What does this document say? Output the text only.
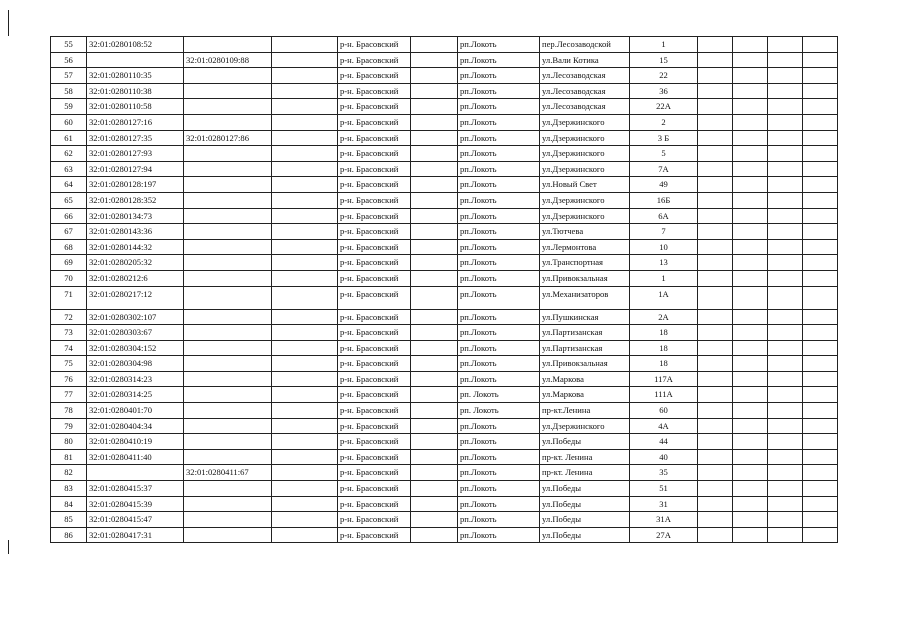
55	32:01:0280108:52			р-н. Брасовский		рп.Локоть	пер.Лесозаводской	1				
56		32:01:0280109:88		р-н. Брасовский		рп.Локоть	ул.Вали Котика	15				
57	32:01:0280110:35			р-н. Брасовский		рп.Локоть	ул.Лесозаводская	22				
58	32:01:0280110:38			р-н. Брасовский		рп.Локоть	ул.Лесозаводская	36				
59	32:01:0280110:58			р-н. Брасовский		рп.Локоть	ул.Лесозаводская	22А				
60	32:01:0280127:16			р-н. Брасовский		рп.Локоть	ул.Дзержинского	2				
61	32:01:0280127:35	32:01:0280127:86		р-н. Брасовский		рп.Локоть	ул.Дзержинского	3 Б				
62	32:01:0280127:93			р-н. Брасовский		рп.Локоть	ул.Дзержинского	5				
63	32:01:0280127:94			р-н. Брасовский		рп.Локоть	ул.Дзержинского	7А				
64	32:01:0280128:197			р-н. Брасовский		рп.Локоть	ул.Новый Свет	49				
65	32:01:0280128:352			р-н. Брасовский		рп.Локоть	ул.Дзержинского	16Б				
66	32:01:0280134:73			р-н. Брасовский		рп.Локоть	ул.Дзержинского	6А				
67	32:01:0280143:36			р-н. Брасовский		рп.Локоть	ул.Тютчева	7				
68	32:01:0280144:32			р-н. Брасовский		рп.Локоть	ул.Лермонтова	10				
69	32:01:0280205:32			р-н. Брасовский		рп.Локоть	ул.Транспортная	13				
70	32:01:0280212:6			р-н. Брасовский		рп.Локоть	ул.Привокзальная	1				
71	32:01:0280217:12			р-н. Брасовский		рп.Локоть	ул.Механизаторов	1А				
72	32:01:0280302:107			р-н. Брасовский		рп.Локоть	ул.Пушкинская	2А				
73	32:01:0280303:67			р-н. Брасовский		рп.Локоть	ул.Партизанская	18				
74	32:01:0280304:152			р-н. Брасовский		рп.Локоть	ул.Партизанская	18				
75	32:01:0280304:98			р-н. Брасовский		рп.Локоть	ул.Привокзальная	18				
76	32:01:0280314:23			р-н. Брасовский		рп.Локоть	ул.Маркова	117А				
77	32:01:0280314:25			р-н. Брасовский		рп. Локоть	ул.Маркова	111А				
78	32:01:0280401:70			р-н. Брасовский		рп. Локоть	пр-кт.Ленина	60				
79	32:01:0280404:34			р-н. Брасовский		рп.Локоть	ул.Дзержинского	4А				
80	32:01:0280410:19			р-н. Брасовский		рп.Локоть	ул.Победы	44				
81	32:01:0280411:40			р-н. Брасовский		рп.Локоть	пр-кт. Ленина	40				
82		32:01:0280411:67		р-н. Брасовский		рп.Локоть	пр-кт. Ленина	35				
83	32:01:0280415:37			р-н. Брасовский		рп.Локоть	ул.Победы	51				
84	32:01:0280415:39			р-н. Брасовский		рп.Локоть	ул.Победы	31				
85	32:01:0280415:47			р-н. Брасовский		рп.Локоть	ул.Победы	31А				
86	32:01:0280417:31			р-н. Брасовский		рп.Локоть	ул.Победы	27А				
